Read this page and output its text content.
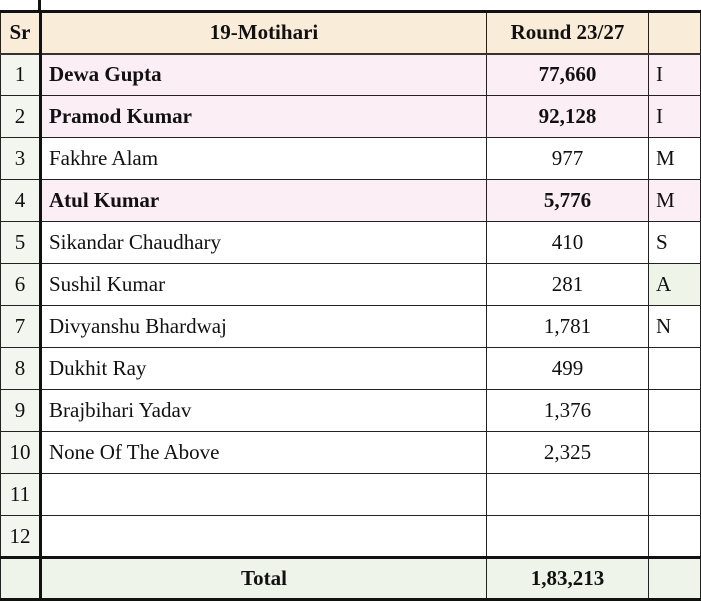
Sr	19-Motihari	Round 23/27	
1	Dewa Gupta	77,660	I
2	Pramod Kumar	92,128	I
3	Fakhre Alam	977	M
4	Atul Kumar	5,776	M
5	Sikandar Chaudhary	410	S
6	Sushil Kumar	281	A
7	Divyanshu Bhardwaj	1,781	N
8	Dukhit Ray	499	
9	Brajbihari Yadav	1,376	
10	None Of The Above	2,325	
11			
12			
	Total	1,83,213	
